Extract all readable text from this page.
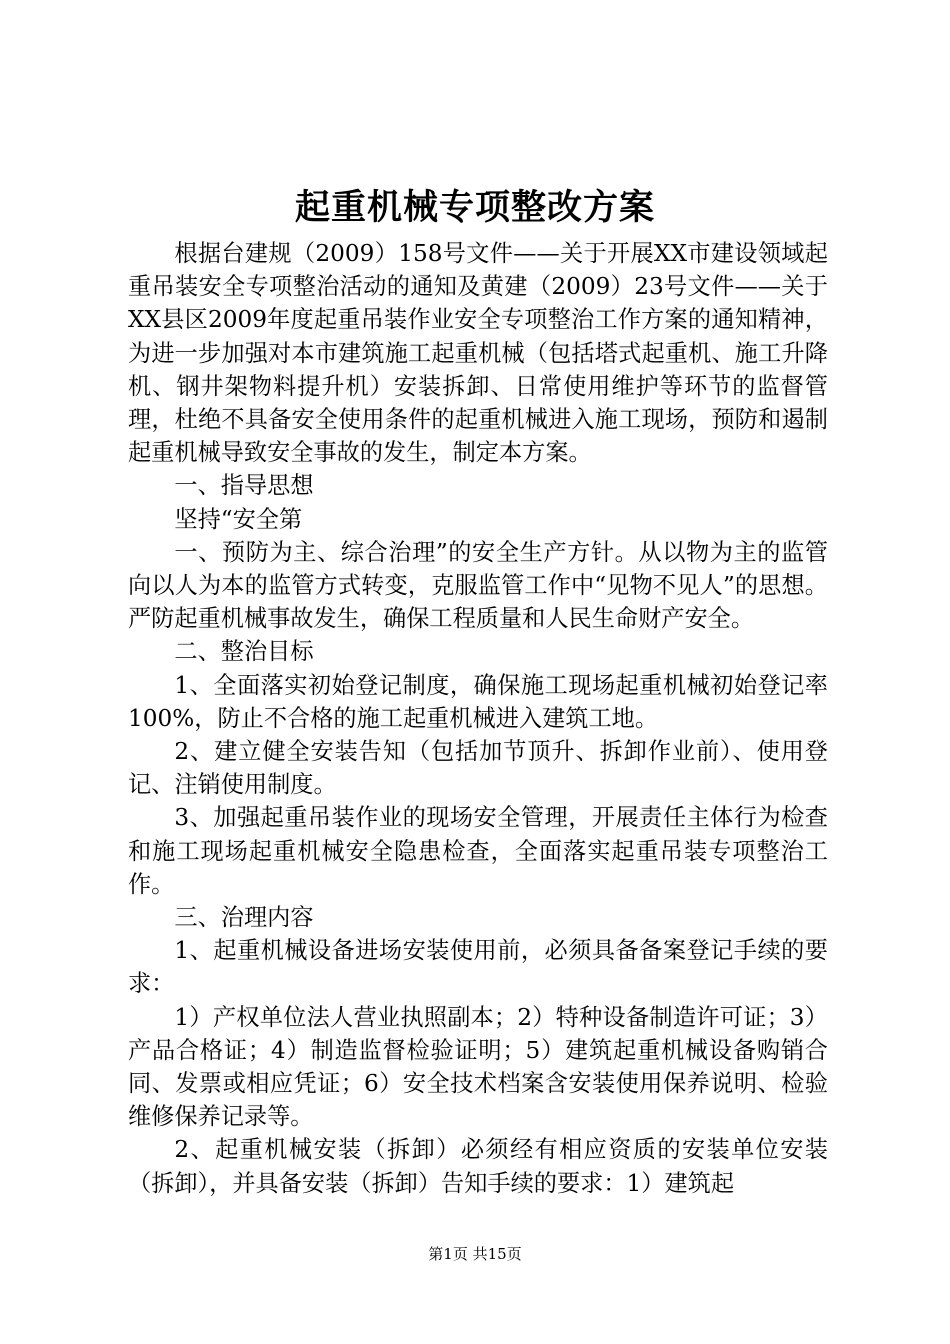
起重机械专项整改方案

根据台建规（2009）158号文件——关于开展XX市建设领域起重吊装安全专项整治活动的通知及黄建（2009）23号文件——关于XX县区2009年度起重吊装作业安全专项整治工作方案的通知精神，为进一步加强对本市建筑施工起重机械（包括塔式起重机、施工升降机、钢井架物料提升机）安装拆卸、日常使用维护等环节的监督管理，杜绝不具备安全使用条件的起重机械进入施工现场，预防和遏制起重机械导致安全事故的发生，制定本方案。

一、指导思想

坚持“安全第

一、预防为主、综合治理”的安全生产方针。从以物为主的监管向以人为本的监管方式转变，克服监管工作中“见物不见人”的思想。严防起重机械事故发生，确保工程质量和人民生命财产安全。

二、整治目标

1、全面落实初始登记制度，确保施工现场起重机械初始登记率100%，防止不合格的施工起重机械进入建筑工地。

2、建立健全安装告知（包括加节顶升、拆卸作业前）、使用登记、注销使用制度。

3、加强起重吊装作业的现场安全管理，开展责任主体行为检查和施工现场起重机械安全隐患检查，全面落实起重吊装专项整治工作。

三、治理内容

1、起重机械设备进场安装使用前，必须具备备案登记手续的要求：

1）产权单位法人营业执照副本；2）特种设备制造许可证；3）产品合格证；4）制造监督检验证明；5）建筑起重机械设备购销合同、发票或相应凭证；6）安全技术档案含安装使用保养说明、检验维修保养记录等。

2、起重机械安装（拆卸）必须经有相应资质的安装单位安装（拆卸），并具备安装（拆卸）告知手续的要求：1）建筑起

第1页 共15页
